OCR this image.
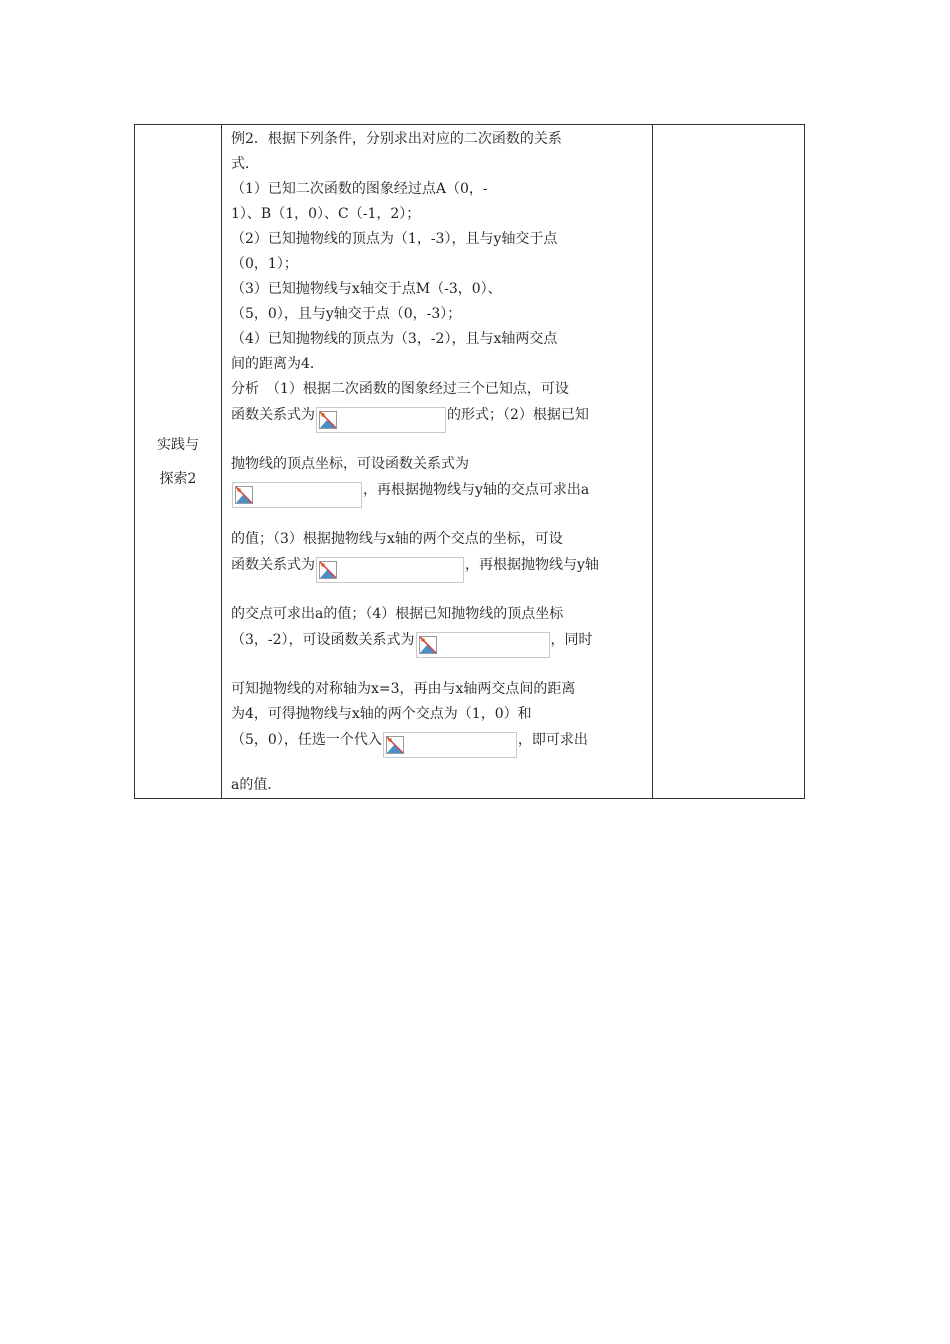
实践与
探索2

例2．根据下列条件，分别求出对应的二次函数的关系

式．

（1）已知二次函数的图象经过点A（0，-

1）、B（1，0）、C（-1，2）；

（2）已知抛物线的顶点为（1，-3），且与y轴交于点

（0，1）；

（3）已知抛物线与x轴交于点M（-3，0）、

（5，0），且与y轴交于点（0，-3）；

（4）已知抛物线的顶点为（3，-2），且与x轴两交点

间的距离为4．

分析　（1）根据二次函数的图象经过三个已知点，可设

函数关系式为	的形式；（2）根据已知

抛物线的顶点坐标，可设函数关系式为

，再根据抛物线与y轴的交点可求出a

的值；（3）根据抛物线与x轴的两个交点的坐标，可设

函数关系式为	，再根据抛物线与y轴

的交点可求出a的值；（4）根据已知抛物线的顶点坐标

（3，-2），可设函数关系式为	，同时

可知抛物线的对称轴为x=3，再由与x轴两交点间的距离

为4，可得抛物线与x轴的两个交点为（1，0）和

（5，0），任选一个代入	，即可求出

a的值．
